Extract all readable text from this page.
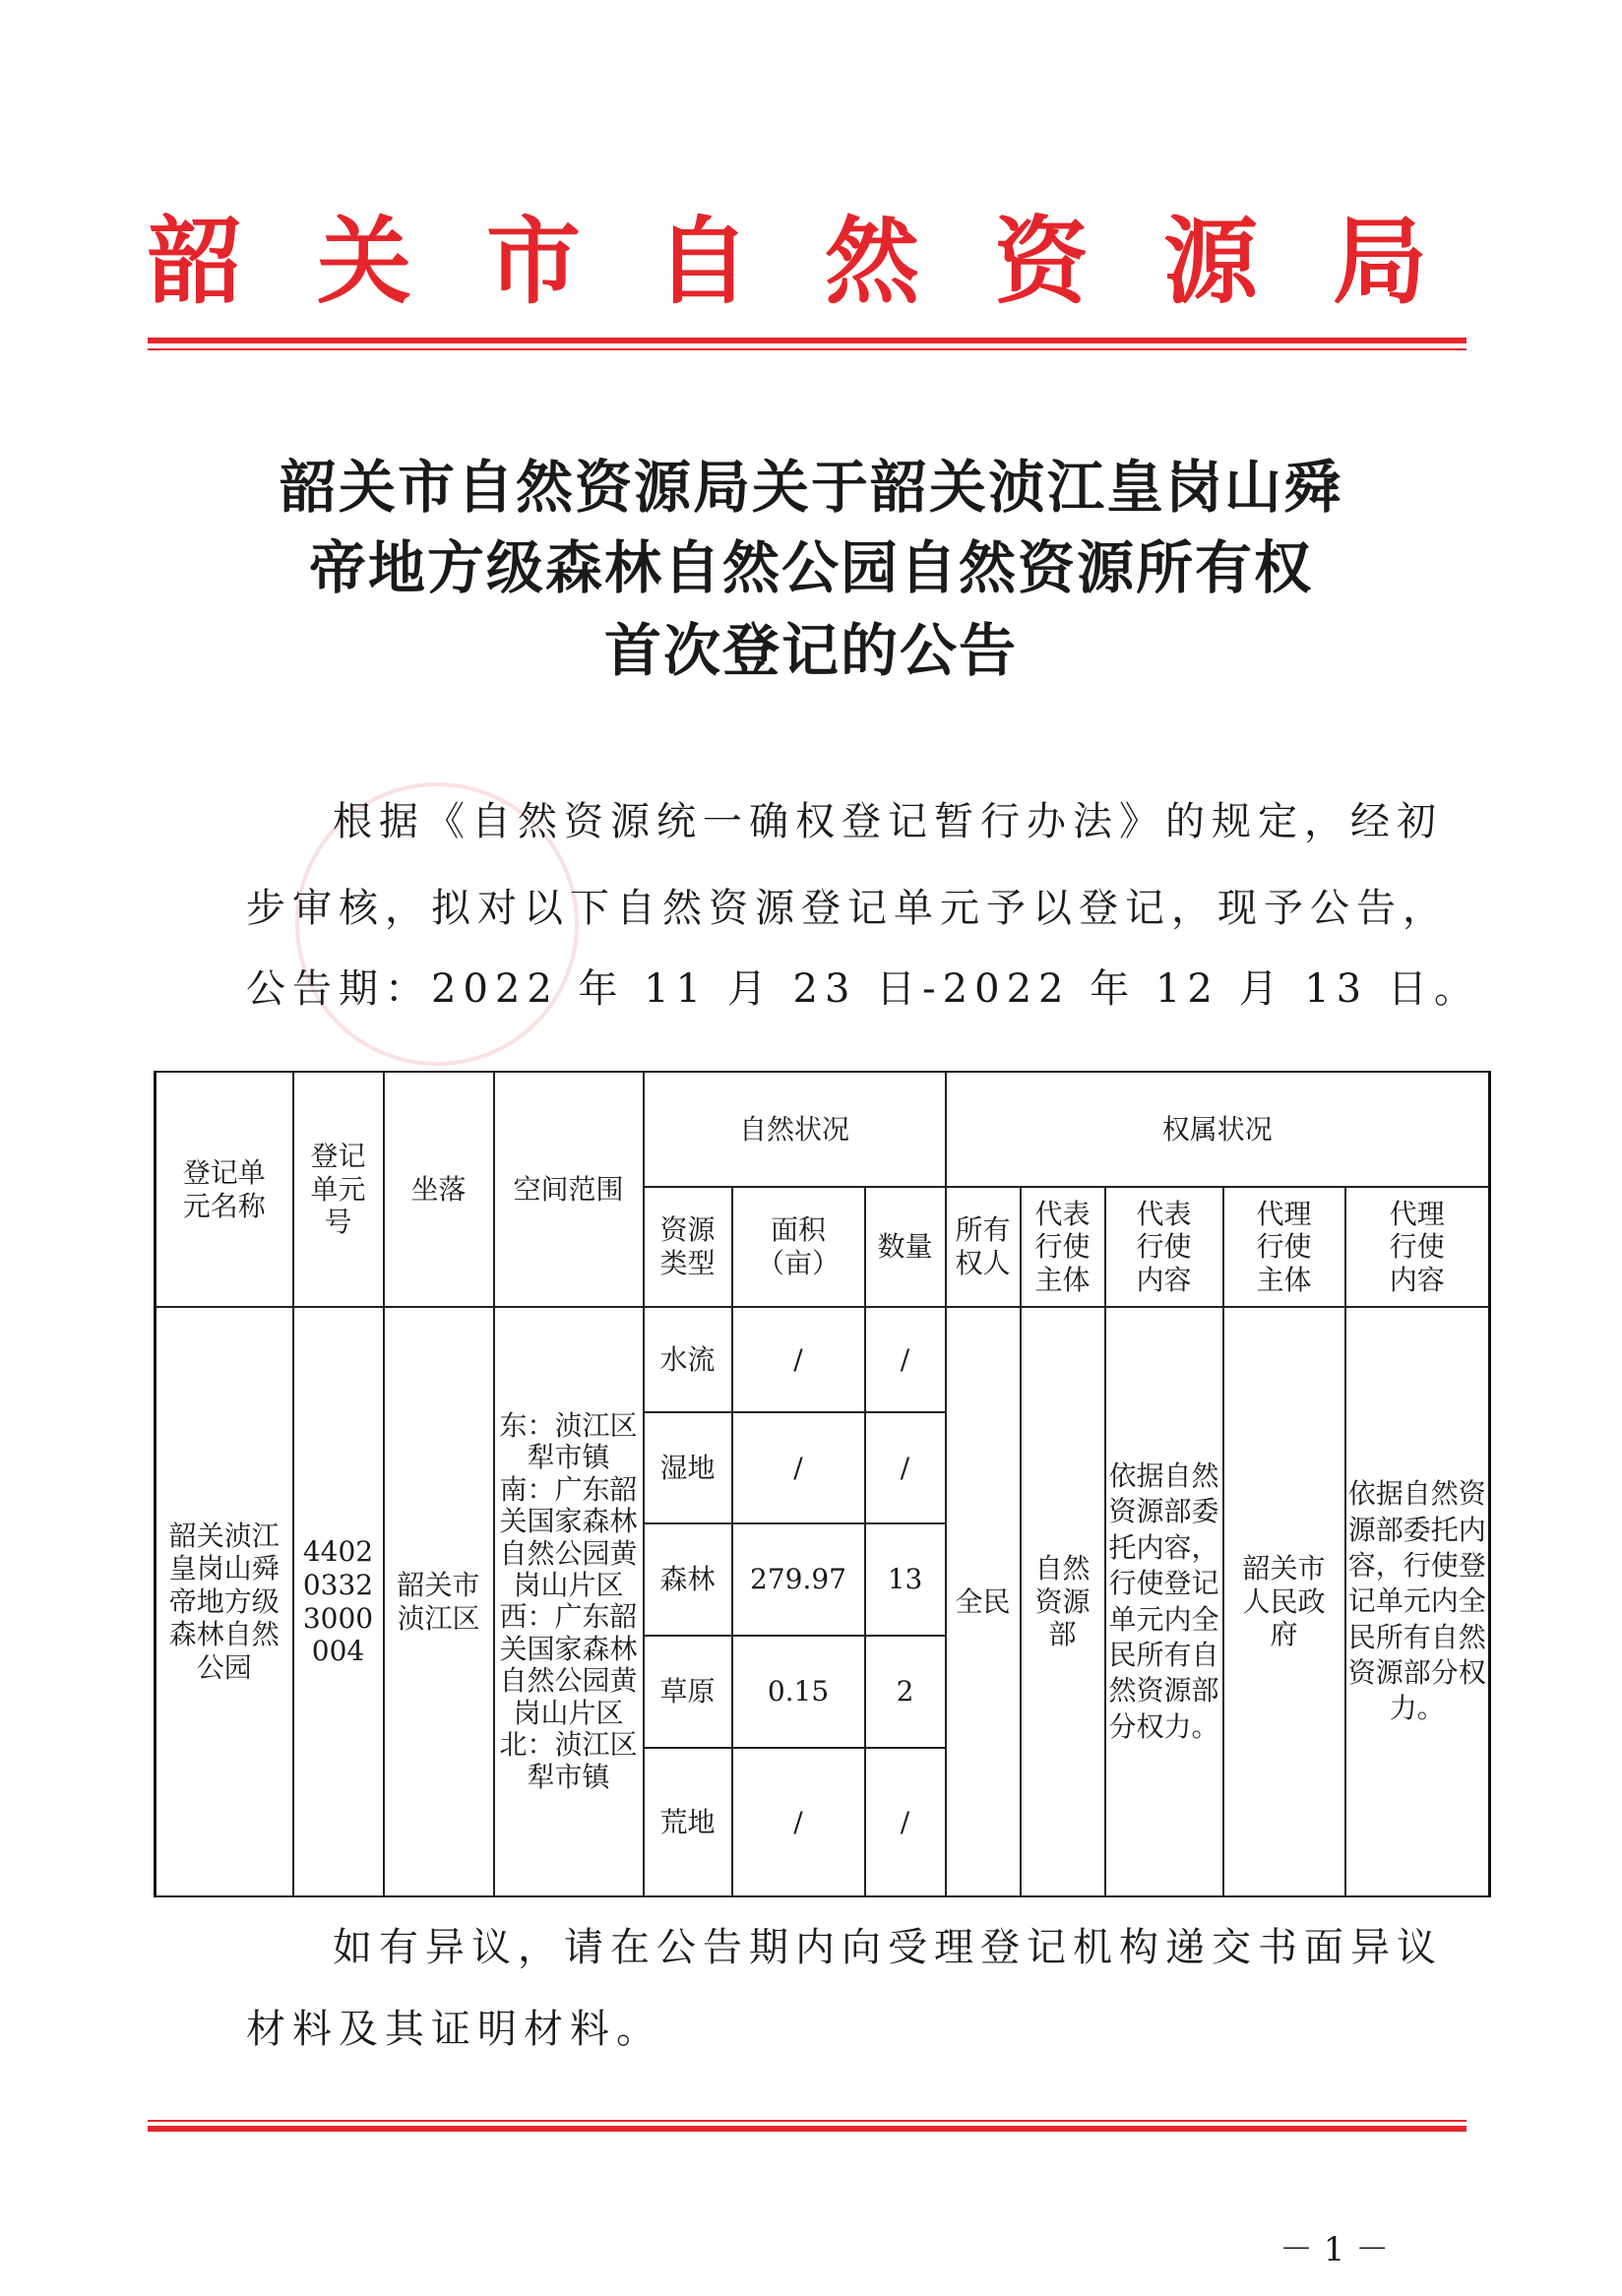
韶 关 市 自 然 资 源 局
韶关市自然资源局关于韶关浈江皇岗山舜
帝地方级森林自然公园自然资源所有权
首次登记的公告
根据《自然资源统一确权登记暂行办法》的规定，经初
步审核，拟对以下自然资源登记单元予以登记，现予公告，
公告期：2022 年 11 月 23 日-2022 年 12 月 13 日。
登记单元名称	登记单元号	坐落	空间范围	自然状况			权属状况				
				资源类型	面积（亩）	数量	所有权人	代表行使主体	代表行使内容	代理行使主体	代理行使内容
韶关浈江皇岗山舜帝地方级森林自然公园	440203323000004	韶关市浈江区	东：浈江区犁市镇 南：广东韶关国家森林自然公园黄岗山片区 西：广东韶关国家森林自然公园黄岗山片区 北：浈江区犁市镇	水流	/	/	全民	自然资源部	依据自然资源部委托内容，行使登记单元内全民所有自然资源部分权力。	韶关市人民政府	依据自然资源部委托内容，行使登记单元内全民所有自然资源部分权力。
				湿地	/	/					
				森林	279.97	13					
				草原	0.15	2					
				荒地	/	/					
如有异议，请在公告期内向受理登记机构递交书面异议
材料及其证明材料。
－ 1 －
